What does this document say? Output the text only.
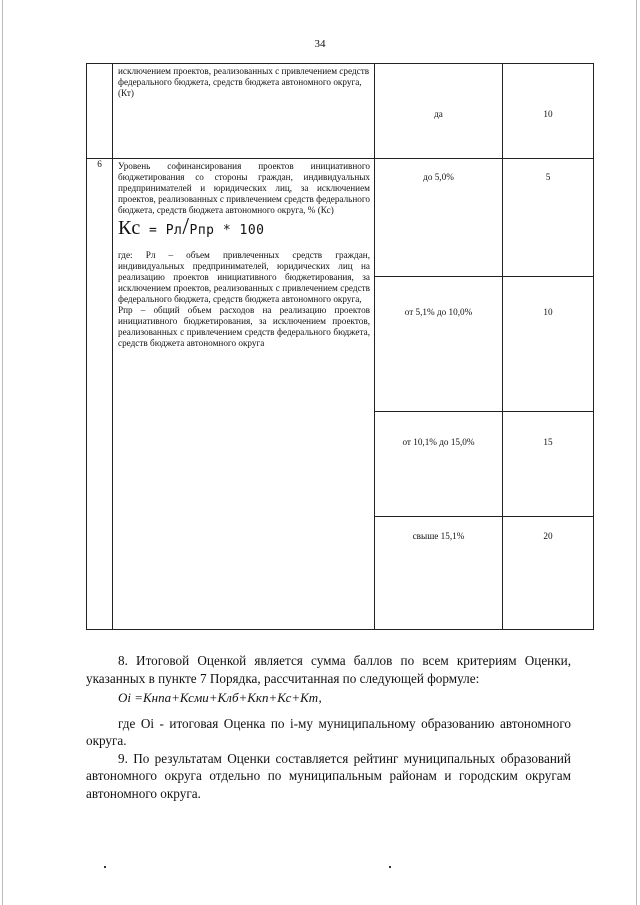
34

	исключением проектов, реализованных с привлечением средств федерального бюджета, средств бюджета автономного округа, (Кт)	да	10

6	Уровень софинансирования проектов инициативного бюджетирования со стороны граждан, индивидуальных предпринимателей и юридических лиц, за исключением проектов, реализованных с привлечением средств федерального бюджета, средств бюджета автономного округа, % (Кс)
Кс = Рл/Рпр * 100
где: Рл – объем привлеченных средств граждан, индивидуальных предпринимателей, юридических лиц на реализацию проектов инициативного бюджетирования, за исключением проектов, реализованных с привлечением средств федерального бюджета, средств бюджета автономного округа,
Рпр – общий объем расходов на реализацию проектов инициативного бюджетирования, за исключением проектов, реализованных с привлечением средств федерального бюджета, средств бюджета автономного округа	до 5,0%	5

		от 5,1% до 10,0%	10

		от 10,1% до 15,0%	15

		свыше 15,1%	20

8. Итоговой Оценкой является сумма баллов по всем критериям Оценки, указанных в пункте 7 Порядка, рассчитанная по следующей формуле:

Оi =Кнпа+Ксми+Клб+Ккп+Кс+Кт,

где Оi - итоговая Оценка по i-му муниципальному образованию автономного округа.

9. По результатам Оценки составляется рейтинг муниципальных образований автономного округа отдельно по муниципальным районам и городским округам автономного округа.
